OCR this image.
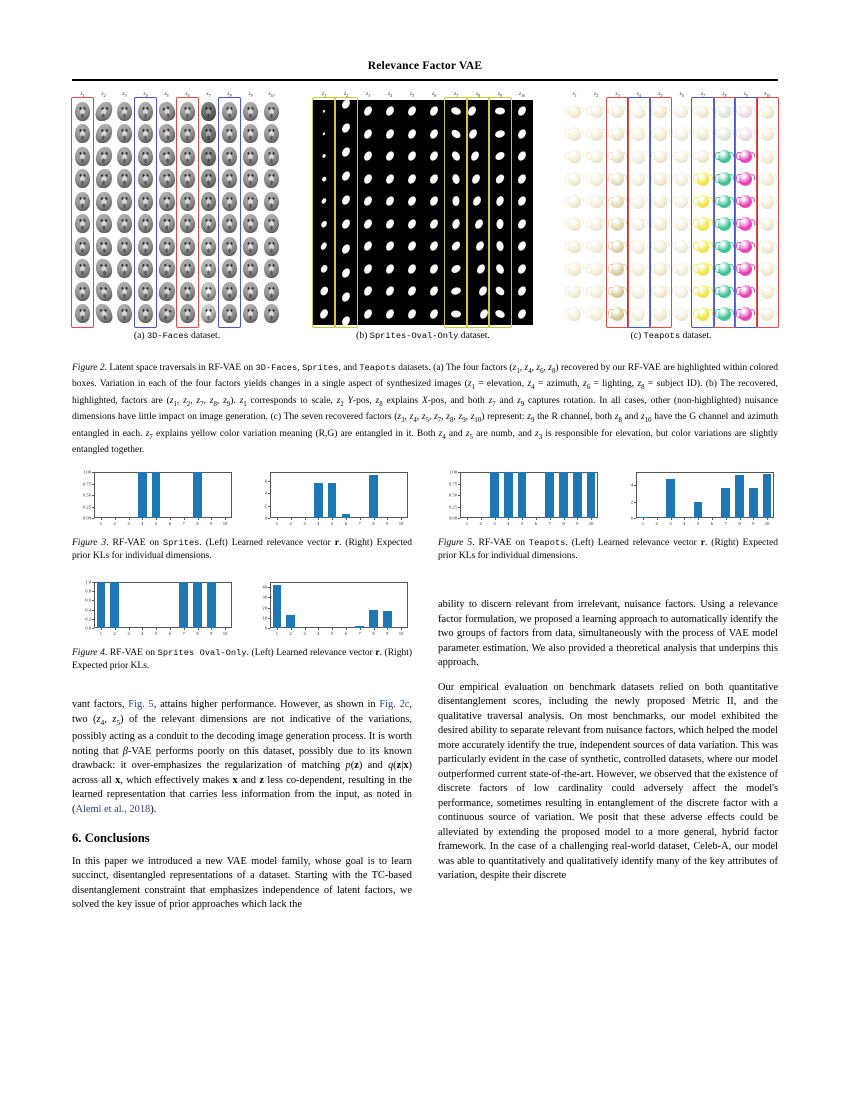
Relevance Factor VAE
$z_1$	$z_2$	$z_3$	$z_4$	$z_5$	$z_6$	$z_7$	$z_8$	$z_9$	$z_{10}$
(a) 3D-Faces dataset.
$z_1$	$z_2$	$z_3$	$z_4$	$z_5$	$z_6$	$z_7$	$z_8$	$z_9$	$z_{10}$
(b) Sprites-Oval-Only dataset.
$z_1$	$z_2$	$z_3$	$z_4$	$z_5$	$z_6$	$z_7$	$z_8$	$z_9$	$z_{10}$
(c) Teapots dataset.
Figure 2. Latent space traversals in RF-VAE on 3D-Faces, Sprites, and Teapots datasets. (a) The four factors ($z_1$, $z_4$, $z_6$, $z_8$) recovered by our RF-VAE are highlighted within colored boxes. Variation in each of the four factors yields changes in a single aspect of synthesized images ($z_1$ = elevation, $z_4$ = azimuth, $z_6$ = lighting, $z_8$ = subject ID). (b) The recovered, highlighted, factors are ($z_1$, $z_2$, $z_7$, $z_8$, $z_9$). $z_1$ corresponds to scale, $z_2$ Y-pos, $z_8$ explains X-pos, and both $z_7$ and $z_9$ captures rotation. In all cases, other (non-highlighted) nuisance dimensions have little impact on image generation. (c) The seven recovered factors ($z_3$, $z_4$, $z_5$, $z_7$, $z_8$, $z_9$, $z_{10}$) represent: $z_9$ the R channel, both $z_8$ and $z_{10}$ have the G channel and azimuth entangled in each. $z_7$ explains yellow color variation meaning (R,G) are entangled in it. Both $z_4$ and $z_5$ are numb, and $z_3$ is responsible for elevation, but color variations are slightly entangled together.
0.00
0.25
0.50
0.75
1.00
1	2	3	4	5	6	7	8	9 10
0
2
4
6
1	2	3	4	5	6	7	8	9 10
Figure 3. RF-VAE on Sprites. (Left) Learned relevance vector r. (Right) Expected prior KLs for individual dimensions.
0.00
0.25
0.50
0.75
1.00
1	2	3	4	5	6	7	8	9 10
0
2
4
1	2	3	4	5	6	7	8	9 10
Figure 5. RF-VAE on Teapots. (Left) Learned relevance vector r. (Right) Expected prior KLs for individual dimensions.
1.0
0.8
0.6
0.4
0.2
0.0
1	2	3	4	5	6	7	8	9 10
40
30
20
10
0
1	2	3	4	5	6	7	8	9 10
Figure 4. RF-VAE on Sprites Oval-Only. (Left) Learned relevance vector r. (Right) Expected prior KLs.

vant factors, Fig. 5, attains higher performance. However, as shown in Fig. 2c, two ($z_4$, $z_5$) of the relevant dimensions are not indicative of the variations, possibly acting as a conduit to the decoding image generation process. It is worth noting that β-VAE performs poorly on this dataset, possibly due to its known drawback: it over-emphasizes the regularization of matching p(z) and q(z|x) across all x, which effectively makes x and z less co-dependent, resulting in the learned representation that carries less information from the input, as noted in (Alemi et al., 2018).

6. Conclusions

In this paper we introduced a new VAE model family, whose goal is to learn succinct, disentangled representations of a dataset. Starting with the TC-based disentanglement constraint that emphasizes independence of latent factors, we solved the key issue of prior approaches which lack the

ability to discern relevant from irrelevant, nuisance factors. Using a relevance factor formulation, we proposed a learning approach to automatically identify the two groups of factors from data, simultaneously with the process of VAE model parameter estimation. We also provided a theoretical analysis that underpins this approach.

Our empirical evaluation on benchmark datasets relied on both quantitative disentanglement scores, including the newly proposed Metric II, and the qualitative traversal analysis. On most benchmarks, our model exhibited the desired ability to separate relevant from nuisance factors, which helped the model more accurately identify the true, independent sources of data variation. This was particularly evident in the case of synthetic, controlled datasets, where our model outperformed current state-of-the-art. However, we observed that the existence of discrete factors of low cardinality could adversely affect the model's performance, sometimes resulting in entanglement of the discrete factor with a continuous source of variation. We posit that these adverse effects could be alleviated by extending the proposed model to a more general, hybrid factor framework. In the case of a challenging real-world dataset, Celeb-A, our model was able to quantitatively and qualitatively identify many of the key attributes of variation, despite their discrete
